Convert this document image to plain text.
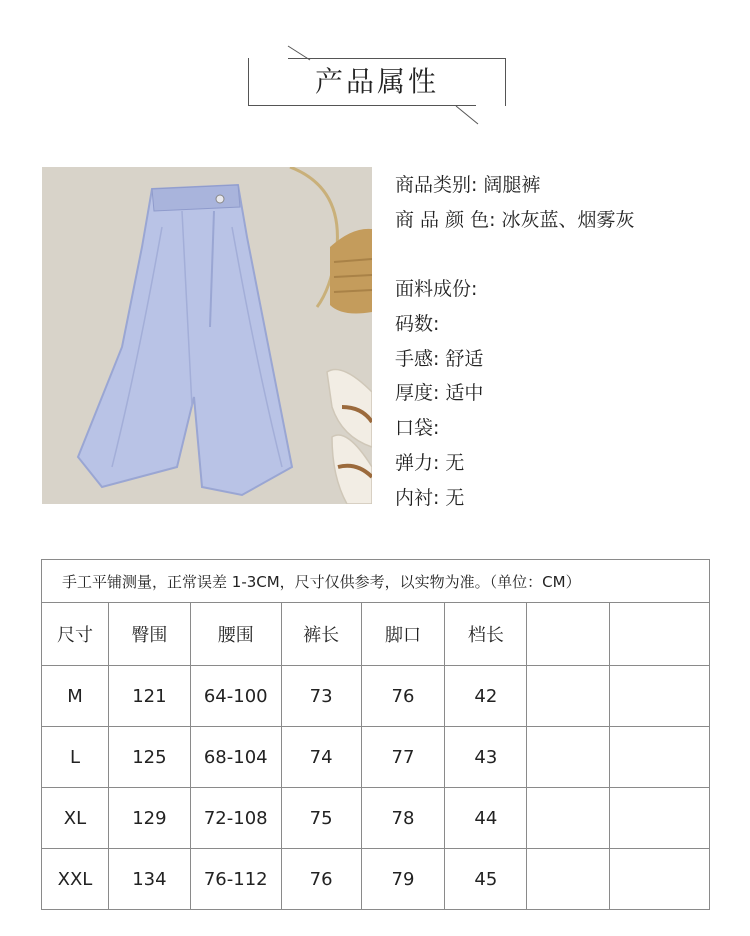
产品属性
商品类别: 阔腿裤
商 品 颜 色: 冰灰蓝、烟雾灰
面料成份:
码数:
手感: 舒适
厚度: 适中
口袋:
弹力: 无
内衬: 无
手工平铺测量，正常误差 1-3CM，尺寸仅供参考，以实物为准。（单位：CM）							
尺寸	臀围	腰围	裤长	脚口	档长		
M	121	64-100	73	76	42		
L	125	68-104	74	77	43		
XL	129	72-108	75	78	44		
XXL	134	76-112	76	79	45		
